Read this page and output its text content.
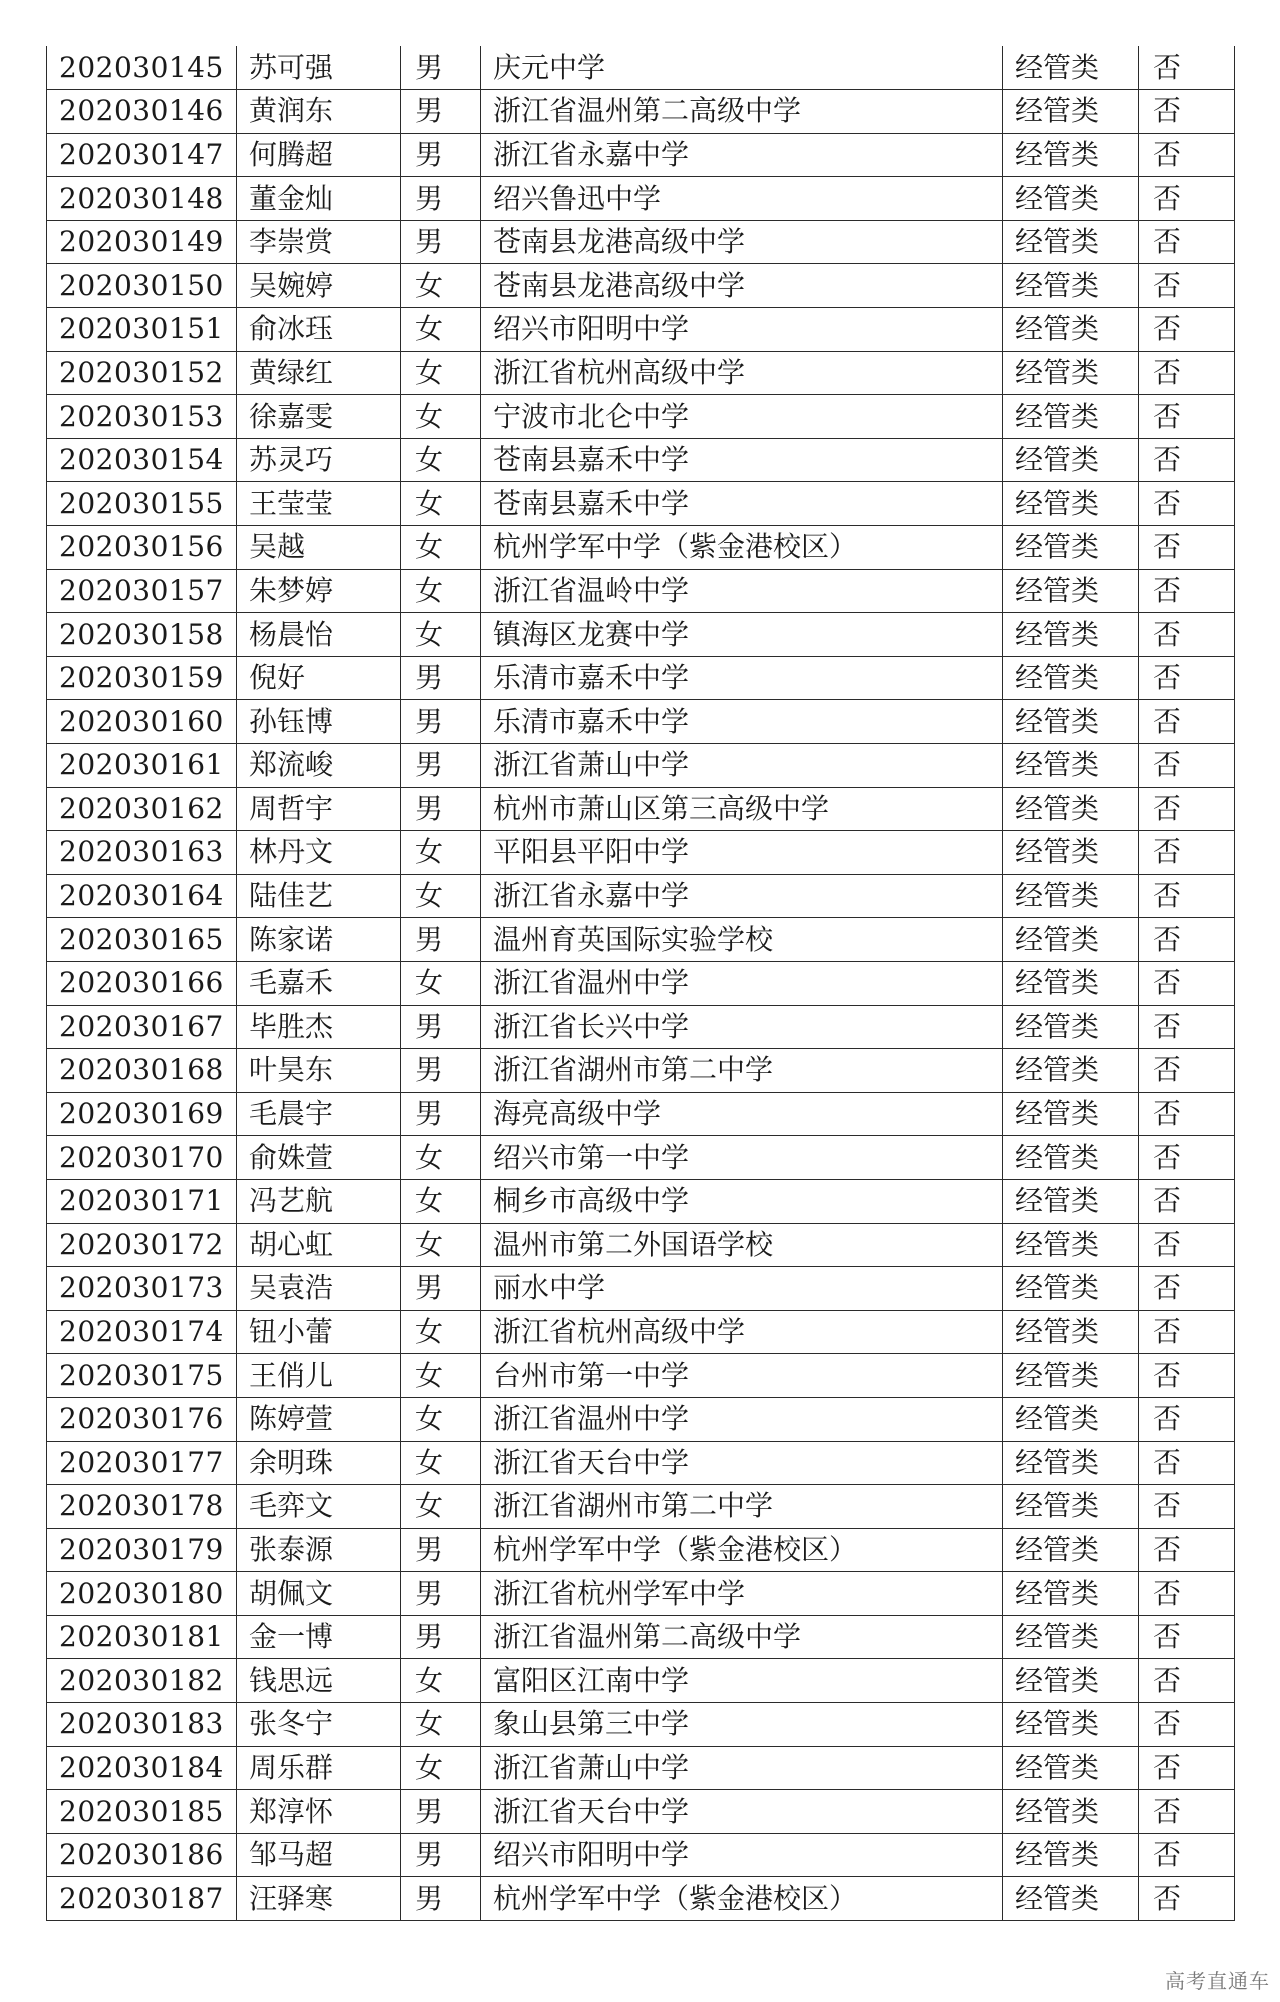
202030145	苏可强	男	庆元中学	经管类	否
202030146	黄润东	男	浙江省温州第二高级中学	经管类	否
202030147	何腾超	男	浙江省永嘉中学	经管类	否
202030148	董金灿	男	绍兴鲁迅中学	经管类	否
202030149	李崇赏	男	苍南县龙港高级中学	经管类	否
202030150	吴婉婷	女	苍南县龙港高级中学	经管类	否
202030151	俞冰珏	女	绍兴市阳明中学	经管类	否
202030152	黄绿红	女	浙江省杭州高级中学	经管类	否
202030153	徐嘉雯	女	宁波市北仑中学	经管类	否
202030154	苏灵巧	女	苍南县嘉禾中学	经管类	否
202030155	王莹莹	女	苍南县嘉禾中学	经管类	否
202030156	吴越	女	杭州学军中学（紫金港校区）	经管类	否
202030157	朱梦婷	女	浙江省温岭中学	经管类	否
202030158	杨晨怡	女	镇海区龙赛中学	经管类	否
202030159	倪好	男	乐清市嘉禾中学	经管类	否
202030160	孙钰博	男	乐清市嘉禾中学	经管类	否
202030161	郑流峻	男	浙江省萧山中学	经管类	否
202030162	周哲宇	男	杭州市萧山区第三高级中学	经管类	否
202030163	林丹文	女	平阳县平阳中学	经管类	否
202030164	陆佳艺	女	浙江省永嘉中学	经管类	否
202030165	陈家诺	男	温州育英国际实验学校	经管类	否
202030166	毛嘉禾	女	浙江省温州中学	经管类	否
202030167	毕胜杰	男	浙江省长兴中学	经管类	否
202030168	叶昊东	男	浙江省湖州市第二中学	经管类	否
202030169	毛晨宇	男	海亮高级中学	经管类	否
202030170	俞姝萱	女	绍兴市第一中学	经管类	否
202030171	冯艺航	女	桐乡市高级中学	经管类	否
202030172	胡心虹	女	温州市第二外国语学校	经管类	否
202030173	吴袁浩	男	丽水中学	经管类	否
202030174	钮小蕾	女	浙江省杭州高级中学	经管类	否
202030175	王俏儿	女	台州市第一中学	经管类	否
202030176	陈婷萱	女	浙江省温州中学	经管类	否
202030177	余明珠	女	浙江省天台中学	经管类	否
202030178	毛弈文	女	浙江省湖州市第二中学	经管类	否
202030179	张泰源	男	杭州学军中学（紫金港校区）	经管类	否
202030180	胡佩文	男	浙江省杭州学军中学	经管类	否
202030181	金一博	男	浙江省温州第二高级中学	经管类	否
202030182	钱思远	女	富阳区江南中学	经管类	否
202030183	张冬宁	女	象山县第三中学	经管类	否
202030184	周乐群	女	浙江省萧山中学	经管类	否
202030185	郑淳怀	男	浙江省天台中学	经管类	否
202030186	邹马超	男	绍兴市阳明中学	经管类	否
202030187	汪驿寒	男	杭州学军中学（紫金港校区）	经管类	否
高考直通车
